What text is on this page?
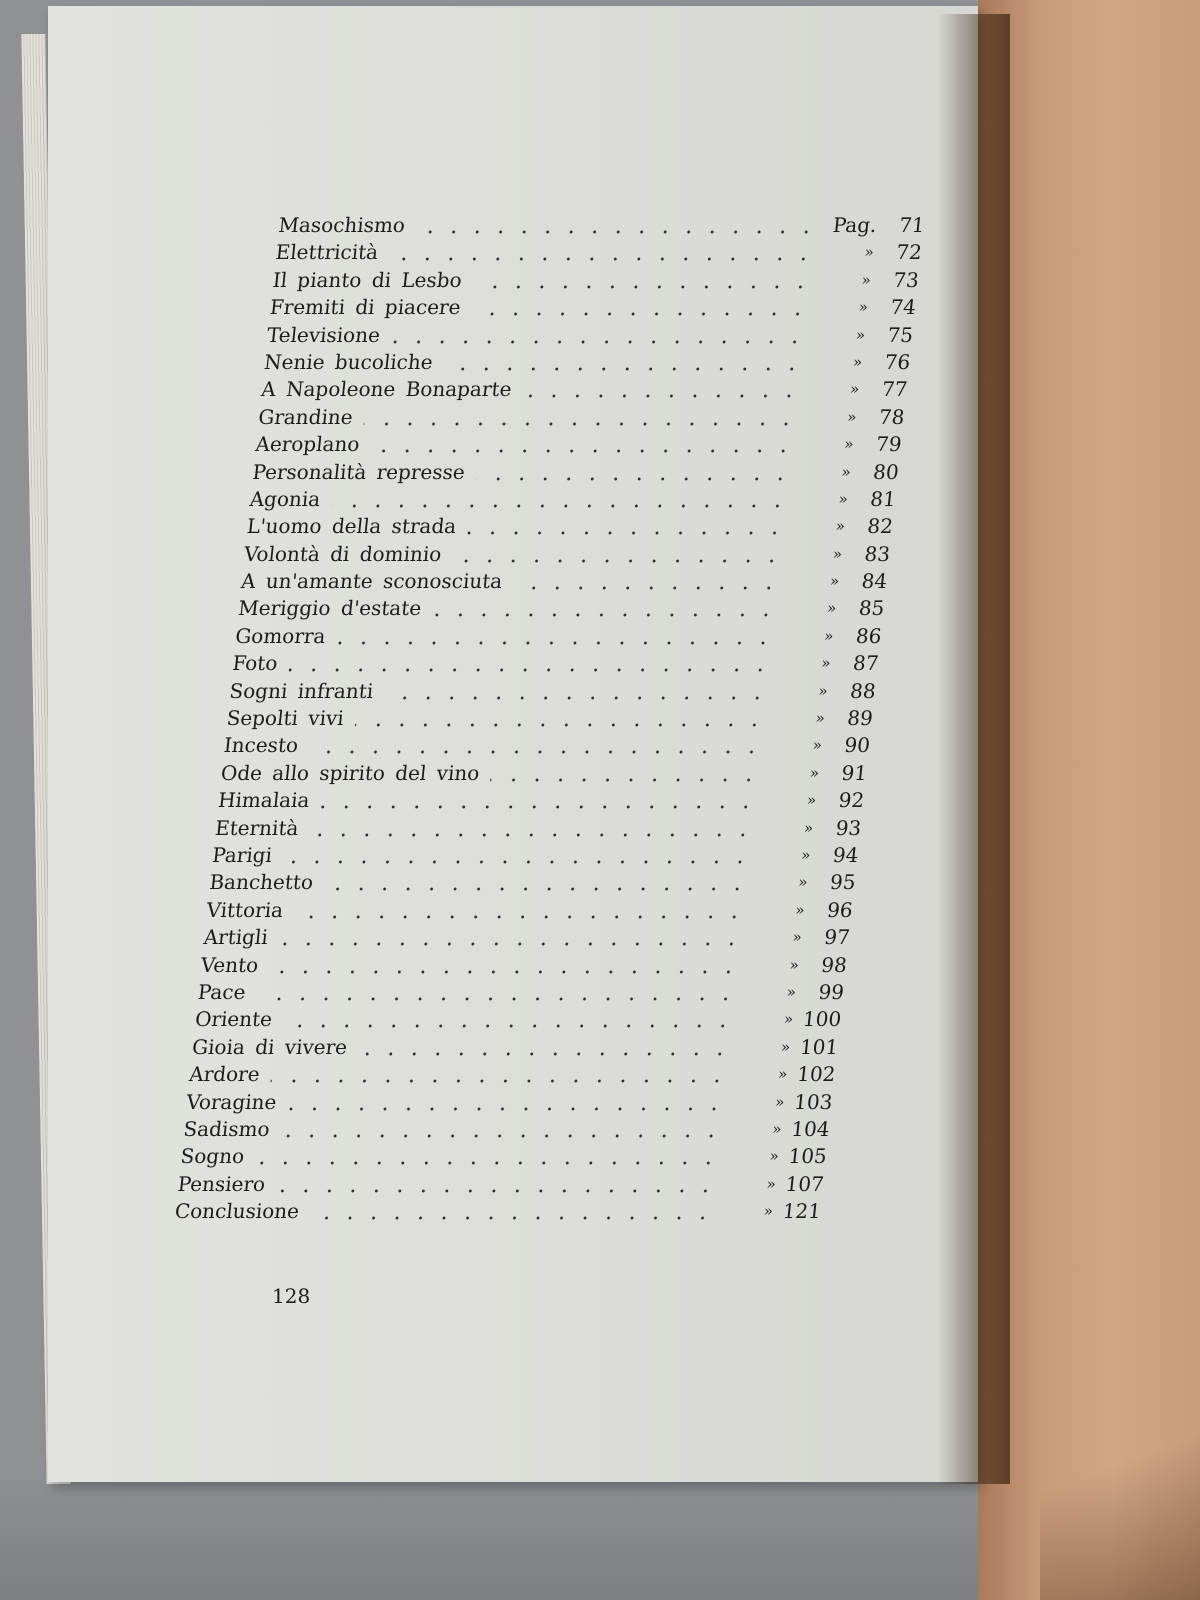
Masochismo	Pag.	71
Elettricità	»	72
Il pianto di Lesbo	»	73
Fremiti di piacere	»	74
Televisione	»	75
Nenie bucoliche	»	76
A Napoleone Bonaparte	»	77
Grandine	»	78
Aeroplano	»	79
Personalità represse	»	80
Agonia	»	81
L'uomo della strada	»	82
Volontà di dominio	»	83
A un'amante sconosciuta	»	84
Meriggio d'estate	»	85
Gomorra	»	86
Foto	»	87
Sogni infranti	»	88
Sepolti vivi	»	89
Incesto	»	90
Ode allo spirito del vino	»	91
Himalaia	»	92
Eternità	»	93
Parigi	»	94
Banchetto	»	95
Vittoria	»	96
Artigli	»	97
Vento	»	98
Pace	»	99
Oriente	» 100
Gioia di vivere	» 101
Ardore	» 102
Voragine	» 103
Sadismo	» 104
Sogno	» 105
Pensiero	» 107
Conclusione	» 121
128
